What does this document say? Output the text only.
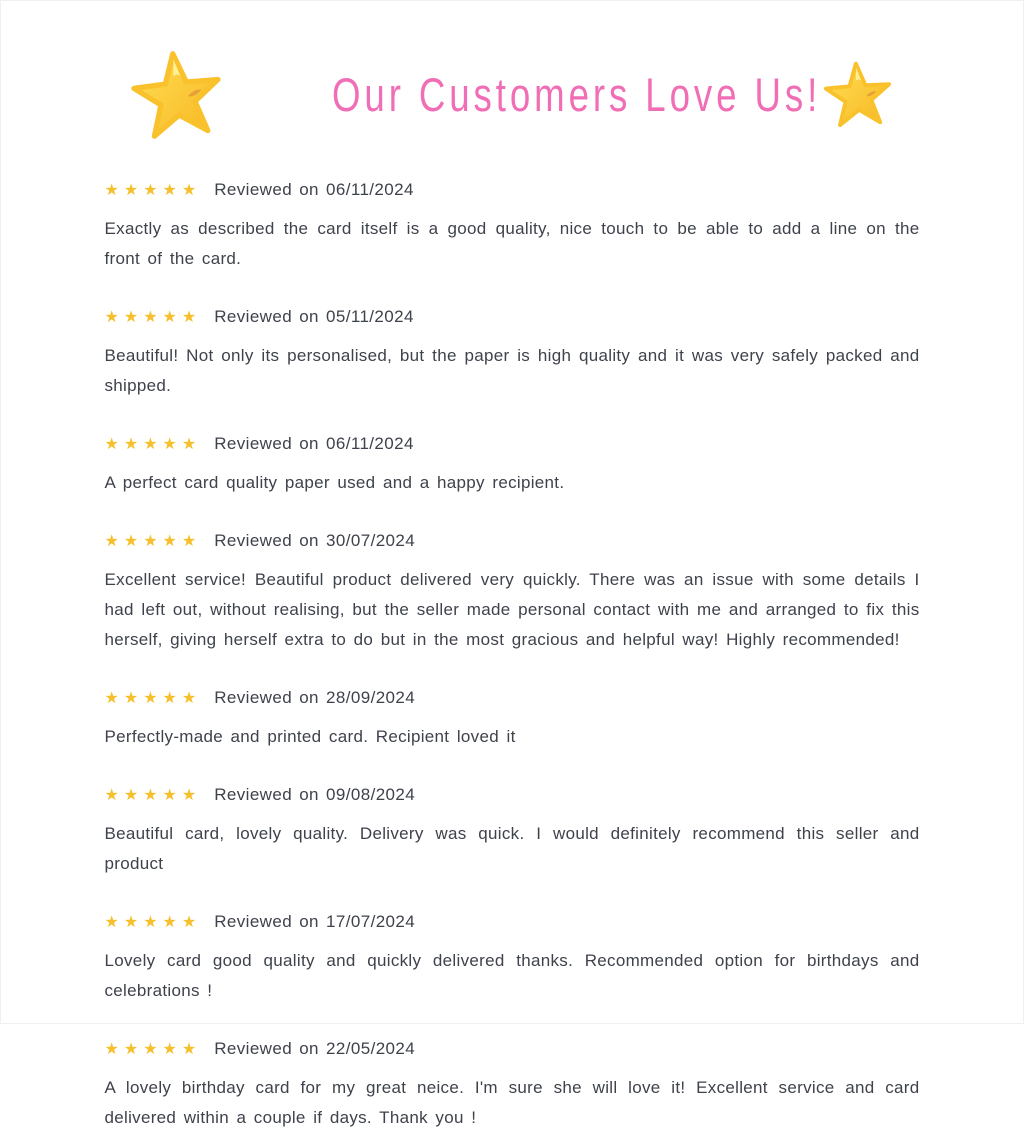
Our Customers Love Us!
★★★★★ Reviewed on 06/11/2024

Exactly as described the card itself is a good quality, nice touch to be able to add a line on the front of the card.

★★★★★ Reviewed on 05/11/2024

Beautiful! Not only its personalised, but the paper is high quality and it was very safely packed and shipped.

★★★★★ Reviewed on 06/11/2024

A perfect card quality paper used and a happy recipient.

★★★★★ Reviewed on 30/07/2024

Excellent service! Beautiful product delivered very quickly. There was an issue with some details I had left out, without realising, but the seller made personal contact with me and arranged to fix this herself, giving herself extra to do but in the most gracious and helpful way! Highly recommended!

★★★★★ Reviewed on 28/09/2024

Perfectly-made and printed card. Recipient loved it

★★★★★ Reviewed on 09/08/2024

Beautiful card, lovely quality. Delivery was quick. I would definitely recommend this seller and product

★★★★★ Reviewed on 17/07/2024

Lovely card good quality and quickly delivered thanks. Recommended option for birthdays and celebrations !

★★★★★ Reviewed on 22/05/2024

A lovely birthday card for my great neice. I'm sure she will love it! Excellent service and card delivered within a couple if days. Thank you !
